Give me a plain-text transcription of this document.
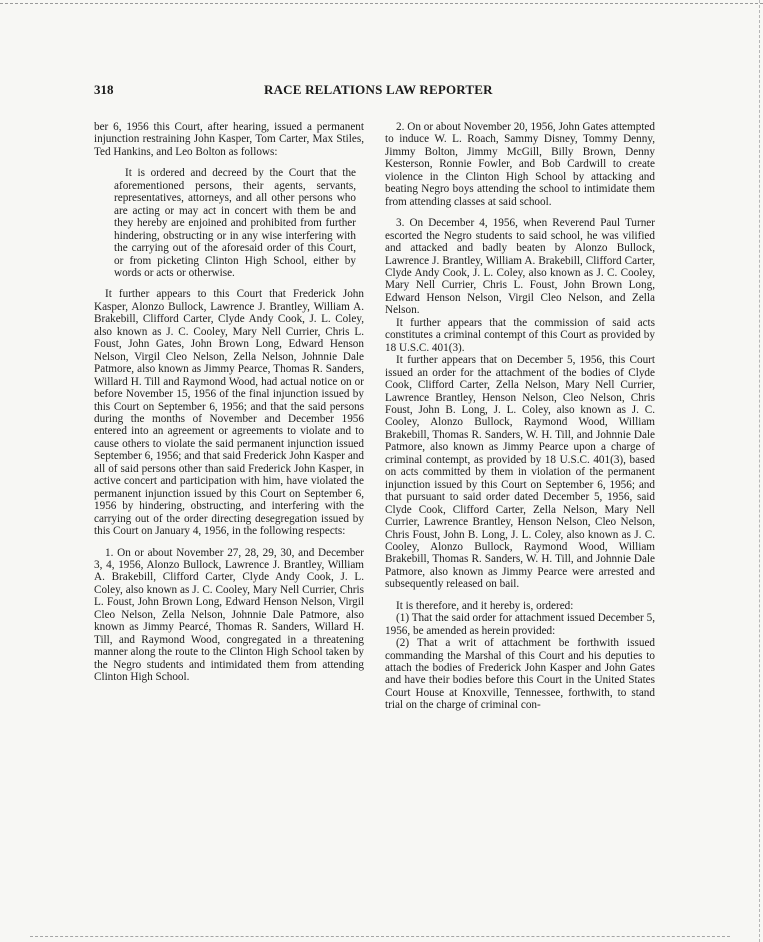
318	RACE RELATIONS LAW REPORTER

ber 6, 1956 this Court, after hearing, issued a permanent injunction restraining John Kasper, Tom Carter, Max Stiles, Ted Hankins, and Leo Bolton as follows:

It is ordered and decreed by the Court that the aforementioned persons, their agents, servants, representatives, attorneys, and all other persons who are acting or may act in concert with them be and they hereby are enjoined and prohibited from further hindering, obstructing or in any wise interfering with the carrying out of the aforesaid order of this Court, or from picketing Clinton High School, either by words or acts or otherwise.

It further appears to this Court that Frederick John Kasper, Alonzo Bullock, Lawrence J. Brantley, William A. Brakebill, Clifford Carter, Clyde Andy Cook, J. L. Coley, also known as J. C. Cooley, Mary Nell Currier, Chris L. Foust, John Gates, John Brown Long, Edward Henson Nelson, Virgil Cleo Nelson, Zella Nelson, Johnnie Dale Patmore, also known as Jimmy Pearce, Thomas R. Sanders, Willard H. Till and Raymond Wood, had actual notice on or before November 15, 1956 of the final injunction issued by this Court on September 6, 1956; and that the said persons during the months of November and December 1956 entered into an agreement or agreements to violate and to cause others to violate the said permanent injunction issued September 6, 1956; and that said Frederick John Kasper and all of said persons other than said Frederick John Kasper, in active concert and participation with him, have violated the permanent injunction issued by this Court on September 6, 1956 by hindering, obstructing, and interfering with the carrying out of the order directing desegregation issued by this Court on January 4, 1956, in the following respects:

1. On or about November 27, 28, 29, 30, and December 3, 4, 1956, Alonzo Bullock, Lawrence J. Brantley, William A. Brakebill, Clifford Carter, Clyde Andy Cook, J. L. Coley, also known as J. C. Cooley, Mary Nell Currier, Chris L. Foust, John Brown Long, Edward Henson Nelson, Virgil Cleo Nelson, Zella Nelson, Johnnie Dale Patmore, also known as Jimmy Pearcé, Thomas R. Sanders, Willard H. Till, and Raymond Wood, congregated in a threatening manner along the route to the Clinton High School taken by the Negro students and intimidated them from attending Clinton High School.

2. On or about November 20, 1956, John Gates attempted to induce W. L. Roach, Sammy Disney, Tommy Denny, Jimmy Bolton, Jimmy McGill, Billy Brown, Denny Kesterson, Ronnie Fowler, and Bob Cardwill to create violence in the Clinton High School by attacking and beating Negro boys attending the school to intimidate them from attending classes at said school.

3. On December 4, 1956, when Reverend Paul Turner escorted the Negro students to said school, he was vilified and attacked and badly beaten by Alonzo Bullock, Lawrence J. Brantley, William A. Brakebill, Clifford Carter, Clyde Andy Cook, J. L. Coley, also known as J. C. Cooley, Mary Nell Currier, Chris L. Foust, John Brown Long, Edward Henson Nelson, Virgil Cleo Nelson, and Zella Nelson.

It further appears that the commission of said acts constitutes a criminal contempt of this Court as provided by 18 U.S.C. 401(3).

It further appears that on December 5, 1956, this Court issued an order for the attachment of the bodies of Clyde Cook, Clifford Carter, Zella Nelson, Mary Nell Currier, Lawrence Brantley, Henson Nelson, Cleo Nelson, Chris Foust, John B. Long, J. L. Coley, also known as J. C. Cooley, Alonzo Bullock, Raymond Wood, William Brakebill, Thomas R. Sanders, W. H. Till, and Johnnie Dale Patmore, also known as Jimmy Pearce upon a charge of criminal contempt, as provided by 18 U.S.C. 401(3), based on acts committed by them in violation of the permanent injunction issued by this Court on September 6, 1956; and that pursuant to said order dated December 5, 1956, said Clyde Cook, Clifford Carter, Zella Nelson, Mary Nell Currier, Lawrence Brantley, Henson Nelson, Cleo Nelson, Chris Foust, John B. Long, J. L. Coley, also known as J. C. Cooley, Alonzo Bullock, Raymond Wood, William Brakebill, Thomas R. Sanders, W. H. Till, and Johnnie Dale Patmore, also known as Jimmy Pearce were arrested and subsequently released on bail.

It is therefore, and it hereby is, ordered:

(1) That the said order for attachment issued December 5, 1956, be amended as herein provided:

(2) That a writ of attachment be forthwith issued commanding the Marshal of this Court and his deputies to attach the bodies of Frederick John Kasper and John Gates and have their bodies before this Court in the United States Court House at Knoxville, Tennessee, forthwith, to stand trial on the charge of criminal con-
